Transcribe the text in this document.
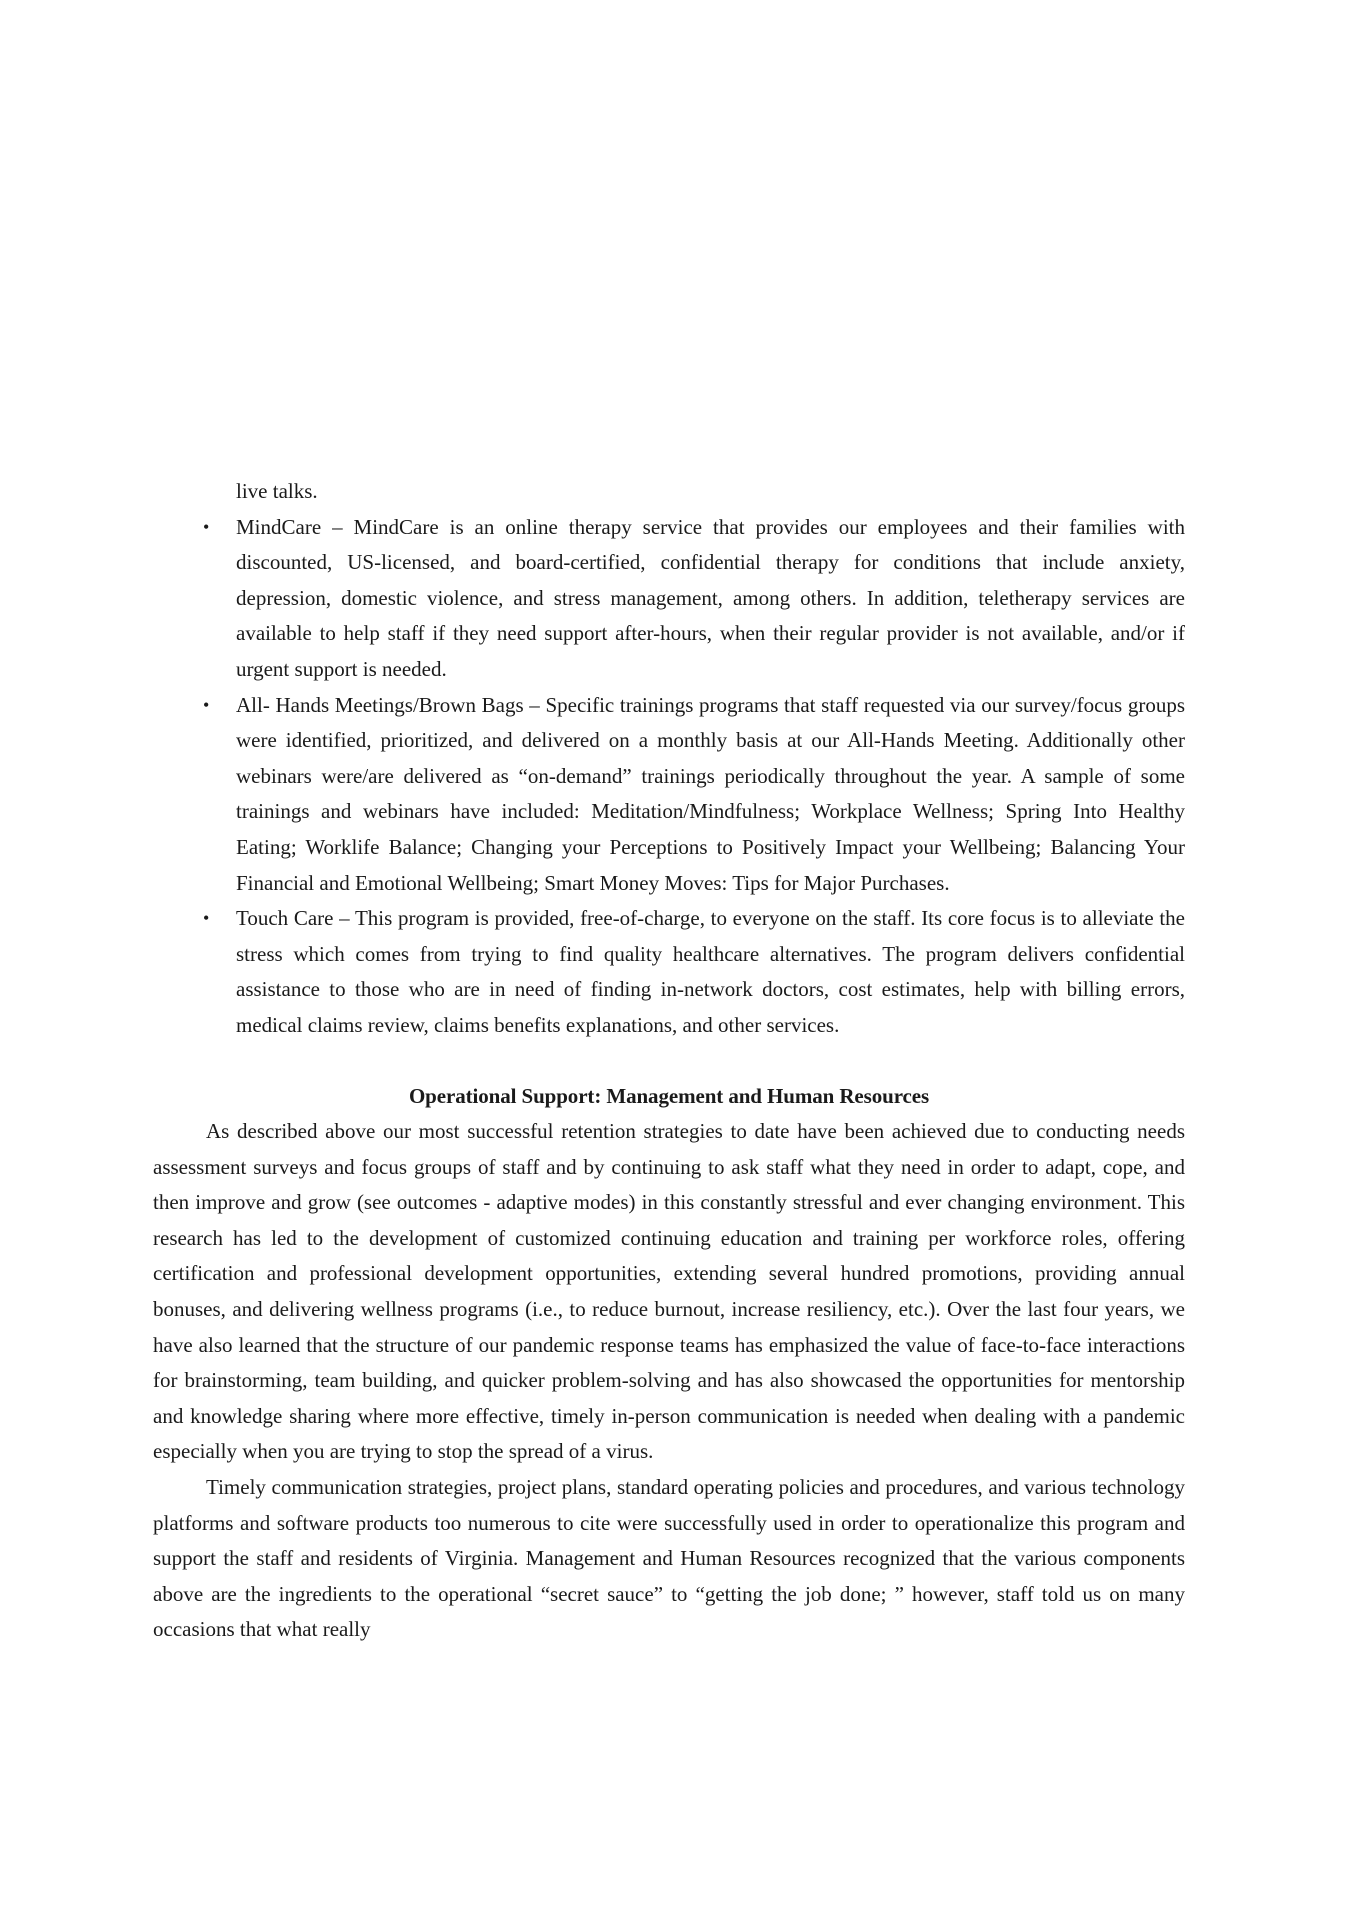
live talks.

• MindCare – MindCare is an online therapy service that provides our employees and their families with discounted, US-licensed, and board-certified, confidential therapy for conditions that include anxiety, depression, domestic violence, and stress management, among others. In addition, teletherapy services are available to help staff if they need support after-hours, when their regular provider is not available, and/or if urgent support is needed.
• All- Hands Meetings/Brown Bags – Specific trainings programs that staff requested via our survey/focus groups were identified, prioritized, and delivered on a monthly basis at our All-Hands Meeting. Additionally other webinars were/are delivered as “on-demand” trainings periodically throughout the year. A sample of some trainings and webinars have included: Meditation/Mindfulness; Workplace Wellness; Spring Into Healthy Eating; Worklife Balance; Changing your Perceptions to Positively Impact your Wellbeing; Balancing Your Financial and Emotional Wellbeing; Smart Money Moves: Tips for Major Purchases.
• Touch Care – This program is provided, free-of-charge, to everyone on the staff. Its core focus is to alleviate the stress which comes from trying to find quality healthcare alternatives. The program delivers confidential assistance to those who are in need of finding in-network doctors, cost estimates, help with billing errors, medical claims review, claims benefits explanations, and other services.
Operational Support: Management and Human Resources

As described above our most successful retention strategies to date have been achieved due to conducting needs assessment surveys and focus groups of staff and by continuing to ask staff what they need in order to adapt, cope, and then improve and grow (see outcomes - adaptive modes) in this constantly stressful and ever changing environment. This research has led to the development of customized continuing education and training per workforce roles, offering certification and professional development opportunities, extending several hundred promotions, providing annual bonuses, and delivering wellness programs (i.e., to reduce burnout, increase resiliency, etc.). Over the last four years, we have also learned that the structure of our pandemic response teams has emphasized the value of face-to-face interactions for brainstorming, team building, and quicker problem-solving and has also showcased the opportunities for mentorship and knowledge sharing where more effective, timely in-person communication is needed when dealing with a pandemic especially when you are trying to stop the spread of a virus.

Timely communication strategies, project plans, standard operating policies and procedures, and various technology platforms and software products too numerous to cite were successfully used in order to operationalize this program and support the staff and residents of Virginia. Management and Human Resources recognized that the various components above are the ingredients to the operational “secret sauce” to “getting the job done; ” however, staff told us on many occasions that what really
